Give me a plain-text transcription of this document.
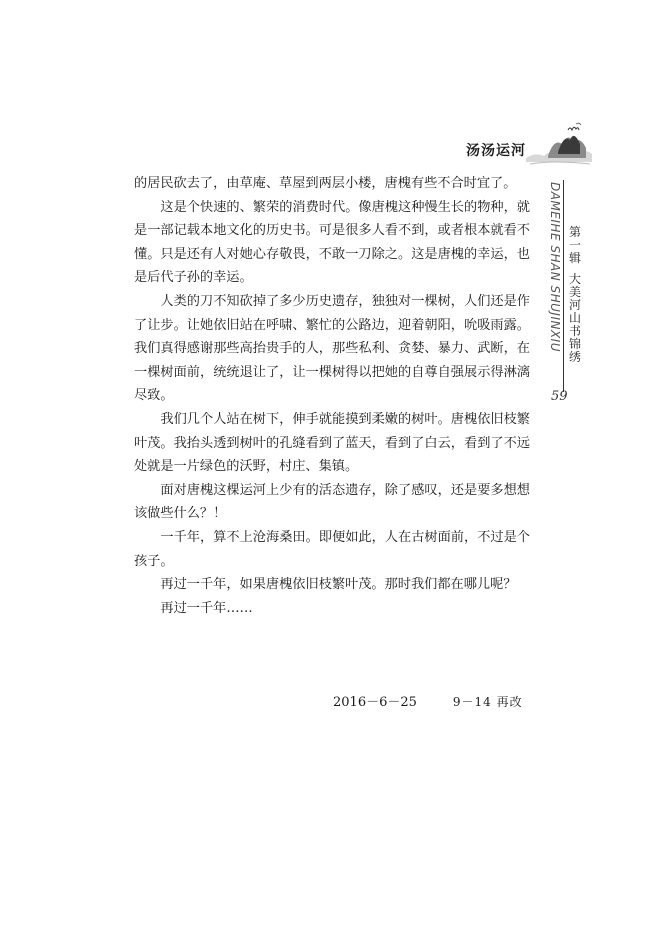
汤汤运河

的居民砍去了，由草庵、草屋到两层小楼，唐槐有些不合时宜了。

这是个快速的、繁荣的消费时代。像唐槐这种慢生长的物种，就是一部记载本地文化的历史书。可是很多人看不到，或者根本就看不懂。只是还有人对她心存敬畏，不敢一刀除之。这是唐槐的幸运，也是后代子孙的幸运。

人类的刀不知砍掉了多少历史遗存，独独对一棵树，人们还是作了让步。让她依旧站在呼啸、繁忙的公路边，迎着朝阳，吮吸雨露。我们真得感谢那些高抬贵手的人，那些私利、贪婪、暴力、武断，在一棵树面前，统统退让了，让一棵树得以把她的自尊自强展示得淋漓尽致。

我们几个人站在树下，伸手就能摸到柔嫩的树叶。唐槐依旧枝繁叶茂。我抬头透到树叶的孔缝看到了蓝天，看到了白云，看到了不远处就是一片绿色的沃野，村庄、集镇。

面对唐槐这棵运河上少有的活态遗存，除了感叹，还是要多想想该做些什么？！

一千年，算不上沧海桑田。即便如此，人在古树面前，不过是个孩子。

再过一千年，如果唐槐依旧枝繁叶茂。那时我们都在哪儿呢？

再过一千年……

2016－6－25	9－14 再改
DAMEIHE SHAN SHUJINXIU 第
一
辑
大
美
河
山
书
锦
绣
59
